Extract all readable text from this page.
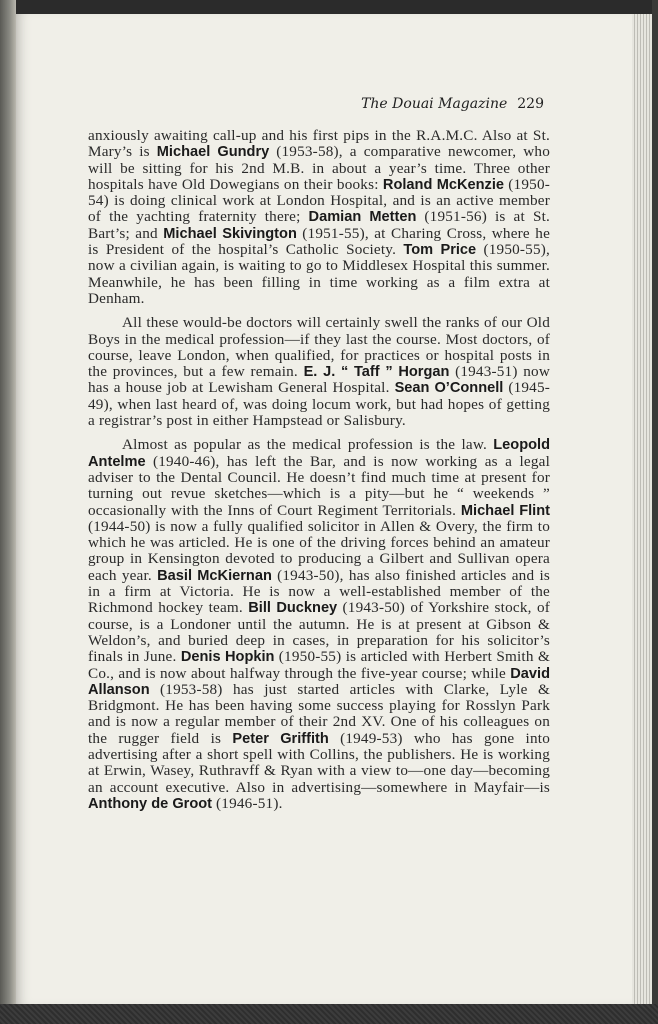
The Douai Magazine 229

anxiously awaiting call-up and his first pips in the R.A.M.C. Also at St. Mary’s is Michael Gundry (1953-58), a comparative newcomer, who will be sitting for his 2nd M.B. in about a year’s time. Three other hospitals have Old Dowegians on their books: Roland McKenzie (1950-54) is doing clinical work at London Hospital, and is an active member of the yachting fraternity there; Damian Metten (1951-56) is at St. Bart’s; and Michael Skivington (1951-55), at Charing Cross, where he is President of the hospital’s Catholic Society. Tom Price (1950-55), now a civilian again, is waiting to go to Middlesex Hospital this summer. Meanwhile, he has been filling in time working as a film extra at Denham.

All these would-be doctors will certainly swell the ranks of our Old Boys in the medical profession—if they last the course. Most doctors, of course, leave London, when qualified, for practices or hospital posts in the provinces, but a few remain. E. J. “ Taff ” Horgan (1943-51) now has a house job at Lewisham General Hospital. Sean O’Connell (1945-49), when last heard of, was doing locum work, but had hopes of getting a registrar’s post in either Hampstead or Salisbury.

Almost as popular as the medical profession is the law. Leopold Antelme (1940-46), has left the Bar, and is now working as a legal adviser to the Dental Council. He doesn’t find much time at present for turning out revue sketches—which is a pity—but he “ weekends ” occasionally with the Inns of Court Regiment Territorials. Michael Flint (1944-50) is now a fully qualified solicitor in Allen & Overy, the firm to which he was articled. He is one of the driving forces behind an amateur group in Kensington devoted to producing a Gilbert and Sullivan opera each year. Basil McKiernan (1943-50), has also finished articles and is in a firm at Victoria. He is now a well-established member of the Richmond hockey team. Bill Duckney (1943-50) of Yorkshire stock, of course, is a Londoner until the autumn. He is at present at Gibson & Weldon’s, and buried deep in cases, in preparation for his solicitor’s finals in June. Denis Hopkin (1950-55) is articled with Herbert Smith & Co., and is now about halfway through the five-year course; while David Allanson (1953-58) has just started articles with Clarke, Lyle & Bridgmont. He has been having some success playing for Rosslyn Park and is now a regular member of their 2nd XV. One of his colleagues on the rugger field is Peter Griffith (1949-53) who has gone into advertising after a short spell with Collins, the publishers. He is working at Erwin, Wasey, Ruthravff & Ryan with a view to—one day—becoming an account executive. Also in advertising—somewhere in Mayfair—is Anthony de Groot (1946-51).
